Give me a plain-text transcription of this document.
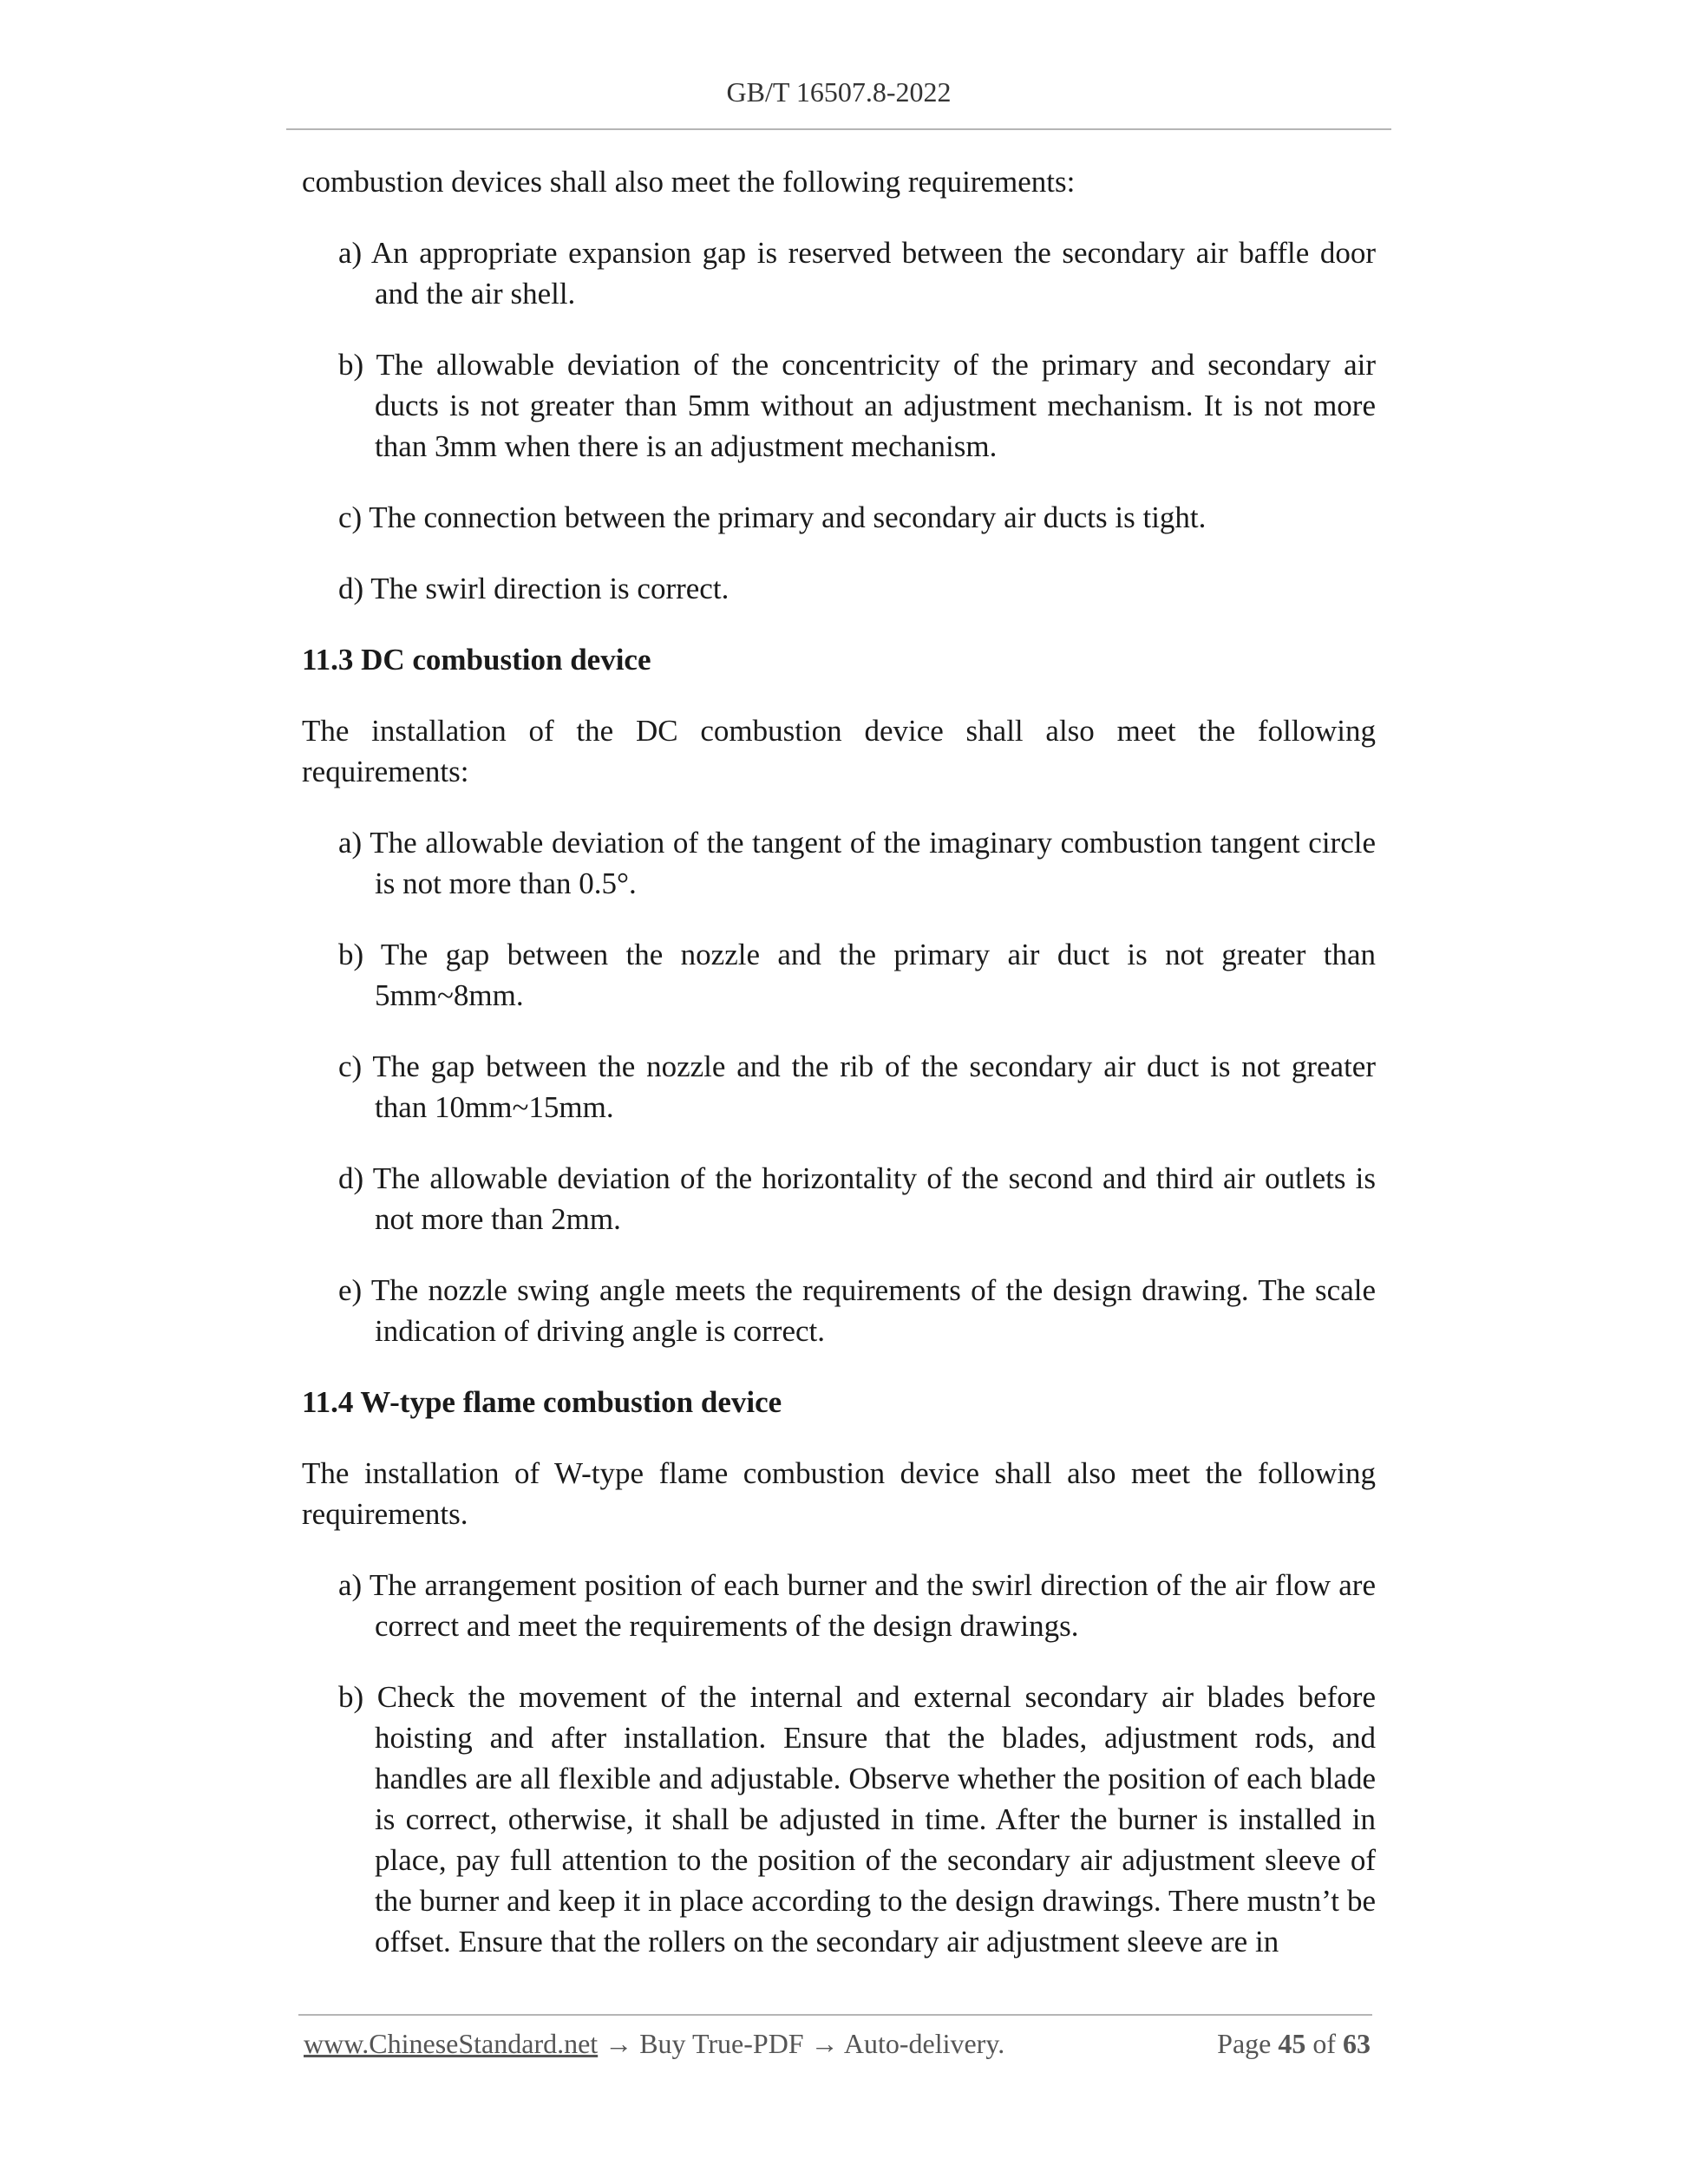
GB/T 16507.8-2022

combustion devices shall also meet the following requirements:

a) An appropriate expansion gap is reserved between the secondary air baffle door and the air shell.
b) The allowable deviation of the concentricity of the primary and secondary air ducts is not greater than 5mm without an adjustment mechanism. It is not more than 3mm when there is an adjustment mechanism.
c) The connection between the primary and secondary air ducts is tight.
d) The swirl direction is correct.
11.3 DC combustion device

The installation of the DC combustion device shall also meet the following requirements:

a) The allowable deviation of the tangent of the imaginary combustion tangent circle is not more than 0.5°.
b) The gap between the nozzle and the primary air duct is not greater than 5mm~8mm.
c) The gap between the nozzle and the rib of the secondary air duct is not greater than 10mm~15mm.
d) The allowable deviation of the horizontality of the second and third air outlets is not more than 2mm.
e) The nozzle swing angle meets the requirements of the design drawing. The scale indication of driving angle is correct.
11.4 W-type flame combustion device

The installation of W-type flame combustion device shall also meet the following requirements.

a) The arrangement position of each burner and the swirl direction of the air flow are correct and meet the requirements of the design drawings.
b) Check the movement of the internal and external secondary air blades before hoisting and after installation. Ensure that the blades, adjustment rods, and handles are all flexible and adjustable. Observe whether the position of each blade is correct, otherwise, it shall be adjusted in time. After the burner is installed in place, pay full attention to the position of the secondary air adjustment sleeve of the burner and keep it in place according to the design drawings. There mustn’t be offset. Ensure that the rollers on the secondary air adjustment sleeve are in
www.ChineseStandard.net → Buy True-PDF → Auto-delivery.	Page 45 of 63
